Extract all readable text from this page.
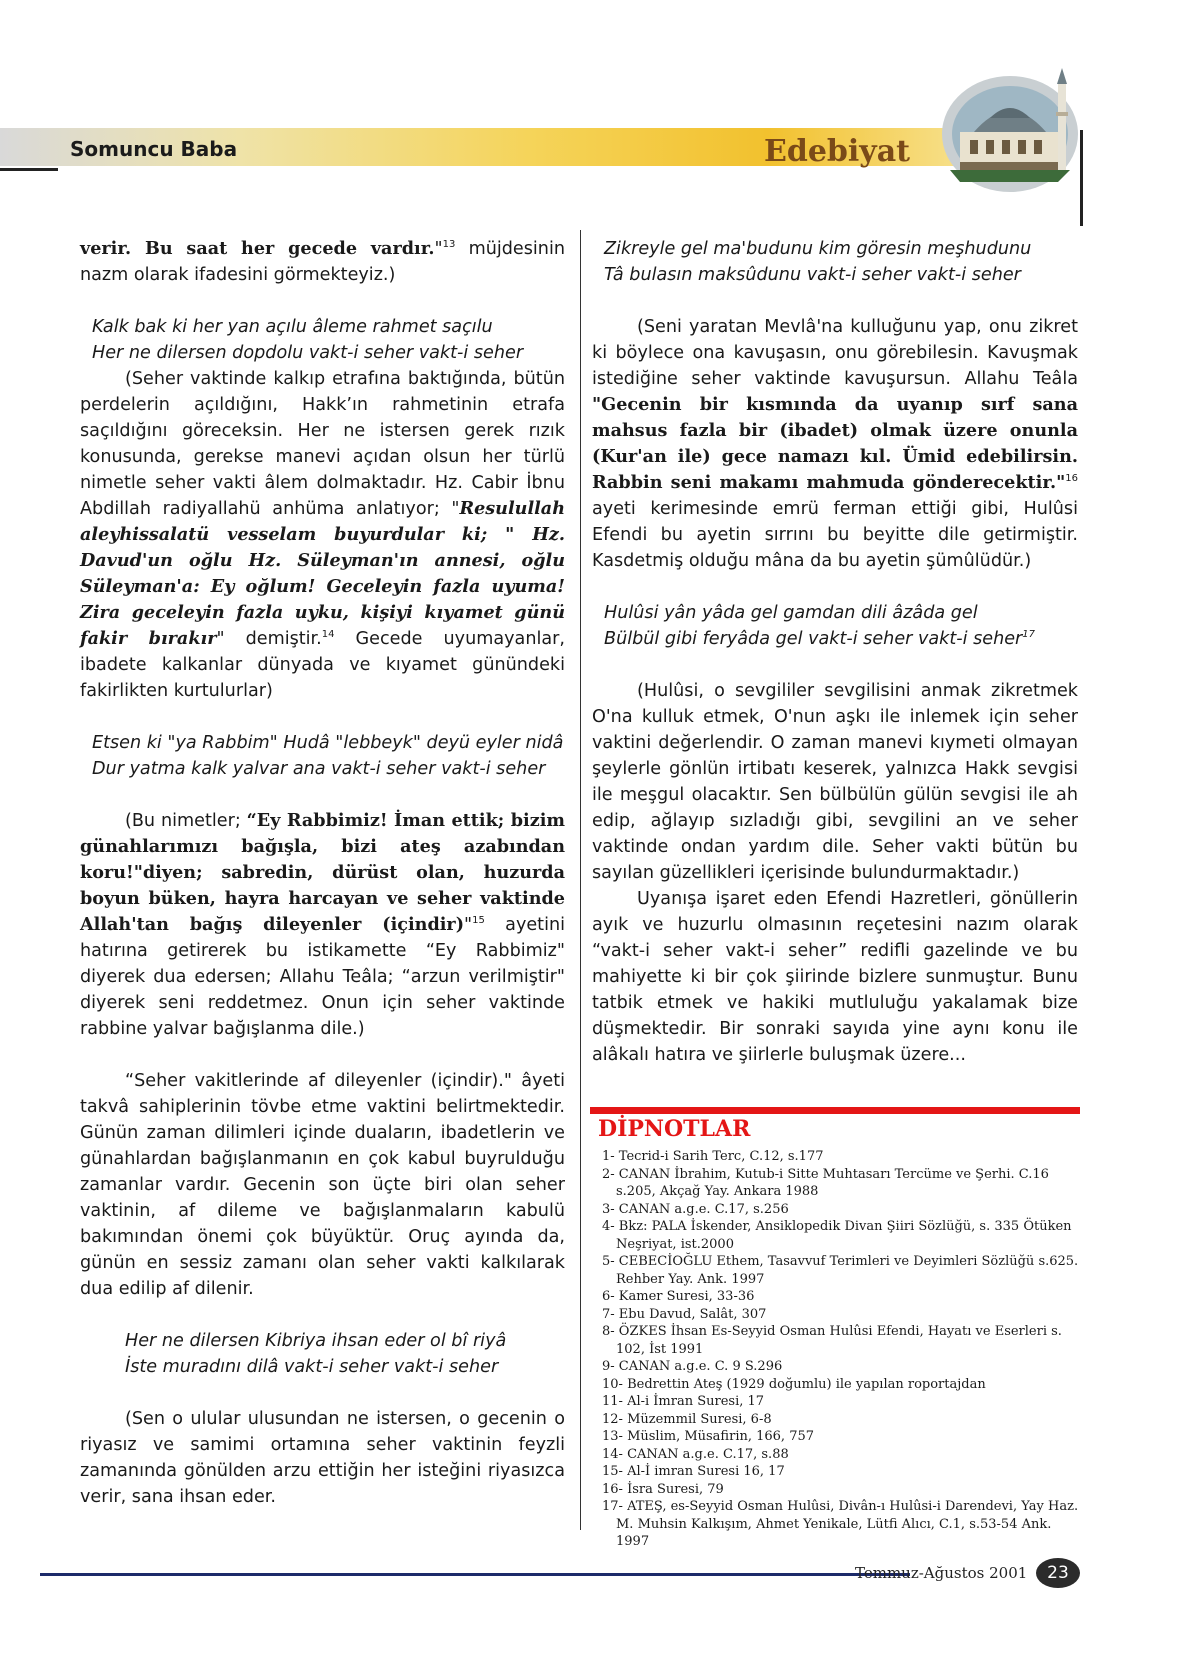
Somuncu Baba	Edebiyat

verir. Bu saat her gecede vardır."$^{13}$ müjdesinin nazm olarak ifadesini görmekteyiz.)

Kalk bak ki her yan açılu âleme rahmet saçılu

Her ne dilersen dopdolu vakt-i seher vakt-i seher

(Seher vaktinde kalkıp etrafına baktığında, bütün perdelerin açıldığını, Hakk’ın rahmetinin etrafa saçıldığını göreceksin. Her ne istersen gerek rızık konusunda, gerekse manevi açıdan olsun her türlü nimetle seher vakti âlem dolmaktadır. Hz. Cabir İbnu Abdillah radiyallahü anhüma anlatıyor; "Resulullah aleyhissalatü vesselam buyurdular ki; " Hz. Davud'un oğlu Hz. Süleyman'ın annesi, oğlu Süleyman'a: Ey oğlum! Geceleyin fazla uyuma! Zira geceleyin fazla uyku, kişiyi kıyamet günü fakir bırakır" demiştir.$^{14}$ Gecede uyumayanlar, ibadete kalkanlar dünyada ve kıyamet günündeki fakirlikten kurtulurlar)

Etsen ki "ya Rabbim" Hudâ "lebbeyk" deyü eyler nidâ

Dur yatma kalk yalvar ana vakt-i seher vakt-i seher

(Bu nimetler; “Ey Rabbimiz! İman ettik; bizim günahlarımızı bağışla, bizi ateş azabından koru!"diyen; sabredin, dürüst olan, huzurda boyun büken, hayra harcayan ve seher vaktinde Allah'tan bağış dileyenler (içindir)"$^{15}$ ayetini hatırına getirerek bu istikamette “Ey Rabbimiz" diyerek dua edersen; Allahu Teâla; “arzun verilmiştir" diyerek seni reddetmez. Onun için seher vaktinde rabbine yalvar bağışlanma dile.)

“Seher vakitlerinde af dileyenler (içindir)." âyeti takvâ sahiplerinin tövbe etme vaktini belirtmektedir. Günün zaman dilimleri içinde duaların, ibadetlerin ve günahlardan bağışlanmanın en çok kabul buyrulduğu zamanlar vardır. Gecenin son üçte biri olan seher vaktinin, af dileme ve bağışlanmaların kabulü bakımından önemi çok büyüktür. Oruç ayında da, günün en sessiz zamanı olan seher vakti kalkılarak dua edilip af dilenir.

Her ne dilersen Kibriya ihsan eder ol bî riyâ

İste muradını dilâ vakt-i seher vakt-i seher

(Sen o ulular ulusundan ne istersen, o gecenin o riyasız ve samimi ortamına seher vaktinin feyzli zamanında gönülden arzu ettiğin her isteğini riyasızca verir, sana ihsan eder.

Zikreyle gel ma'budunu kim göresin meşhudunu

Tâ bulasın maksûdunu vakt-i seher vakt-i seher

(Seni yaratan Mevlâ'na kulluğunu yap, onu zikret ki böylece ona kavuşasın, onu görebilesin. Kavuşmak istediğine seher vaktinde kavuşursun. Allahu Teâla "Gecenin bir kısmında da uyanıp sırf sana mahsus fazla bir (ibadet) olmak üzere onunla (Kur'an ile) gece namazı kıl. Ümid edebilirsin. Rabbin seni makamı mahmuda gönderecektir."$^{16}$ ayeti kerimesinde emrü ferman ettiği gibi, Hulûsi Efendi bu ayetin sırrını bu beyitte dile getirmiştir. Kasdetmiş olduğu mâna da bu ayetin şümûlüdür.)

Hulûsi yân yâda gel gamdan dili âzâda gel

Bülbül gibi feryâda gel vakt-i seher vakt-i seher$^{17}$

(Hulûsi, o sevgililer sevgilisini anmak zikretmek O'na kulluk etmek, O'nun aşkı ile inlemek için seher vaktini değerlendir. O zaman manevi kıymeti olmayan şeylerle gönlün irtibatı keserek, yalnızca Hakk sevgisi ile meşgul olacaktır. Sen bülbülün gülün sevgisi ile ah edip, ağlayıp sızladığı gibi, sevgilini an ve seher vaktinde ondan yardım dile. Seher vakti bütün bu sayılan güzellikleri içerisinde bulundurmaktadır.)

Uyanışa işaret eden Efendi Hazretleri, gönüllerin ayık ve huzurlu olmasının reçetesini nazım olarak “vakt-i seher vakt-i seher” redifli gazelinde ve bu mahiyette ki bir çok şiirinde bizlere sunmuştur. Bunu tatbik etmek ve hakiki mutluluğu yakalamak bize düşmektedir. Bir sonraki sayıda yine aynı konu ile alâkalı hatıra ve şiirlerle buluşmak üzere...

DİPNOTLAR
1- Tecrid-i Sarih Terc, C.12, s.177
2- CANAN İbrahim, Kutub-i Sitte Muhtasarı Tercüme ve Şerhi. C.16 s.205, Akçağ Yay. Ankara 1988
3- CANAN a.g.e. C.17, s.256
4- Bkz: PALA İskender, Ansiklopedik Divan Şiiri Sözlüğü, s. 335 Ötüken Neşriyat, ist.2000
5- CEBECİOĞLU Ethem, Tasavvuf Terimleri ve Deyimleri Sözlüğü s.625. Rehber Yay. Ank. 1997
6- Kamer Suresi, 33-36
7- Ebu Davud, Salât, 307
8- ÖZKES İhsan Es-Seyyid Osman Hulûsi Efendi, Hayatı ve Eserleri s. 102, İst 1991
9- CANAN a.g.e. C. 9 S.296
10- Bedrettin Ateş (1929 doğumlu) ile yapılan roportajdan
11- Al-i İmran Suresi, 17
12- Müzemmil Suresi, 6-8
13- Müslim, Müsafirin, 166, 757
14- CANAN a.g.e. C.17, s.88
15- Al-İ imran Suresi 16, 17
16- İsra Suresi, 79
17- ATEŞ, es-Seyyid Osman Hulûsi, Divân-ı Hulûsi-i Darendevi, Yay Haz. M. Muhsin Kalkışım, Ahmet Yenikale, Lütfi Alıcı, C.1, s.53-54 Ank. 1997
Temmuz-Ağustos 2001	23
